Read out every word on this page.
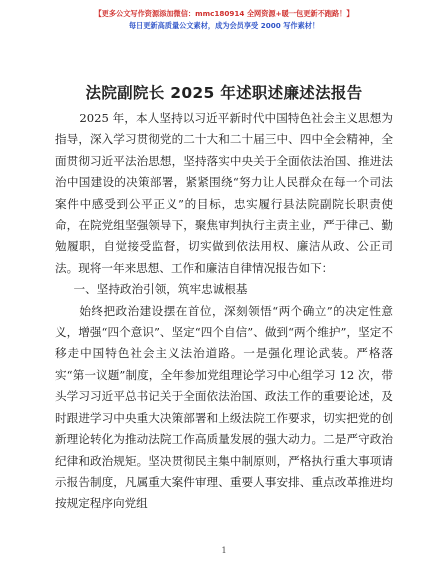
【更多公文写作资源添加微信：mmc180914 全网资源+暖一包更新不跑路！】
每日更新高质量公文素材，成为会员享受 2000 写作素材！
法院副院长 2025 年述职述廉述法报告

2025 年，本人坚持以习近平新时代中国特色社会主义思想为指导，深入学习贯彻党的二十大和二十届三中、四中全会精神，全面贯彻习近平法治思想，坚持落实中央关于全面依法治国、推进法治中国建设的决策部署，紧紧围绕“努力让人民群众在每一个司法案件中感受到公平正义”的目标，忠实履行县法院副院长职责使命，在院党组坚强领导下，聚焦审判执行主责主业，严于律己、勤勉履职，自觉接受监督，切实做到依法用权、廉洁从政、公正司法。现将一年来思想、工作和廉洁自律情况报告如下：

一、坚持政治引领，筑牢忠诚根基

始终把政治建设摆在首位，深刻领悟“两个确立”的决定性意义，增强“四个意识”、坚定“四个自信”、做到“两个维护”，坚定不移走中国特色社会主义法治道路。一是强化理论武装。严格落实“第一议题”制度，全年参加党组理论学习中心组学习 12 次，带头学习习近平总书记关于全面依法治国、政法工作的重要论述，及时跟进学习中央重大决策部署和上级法院工作要求，切实把党的创新理论转化为推动法院工作高质量发展的强大动力。二是严守政治纪律和政治规矩。坚决贯彻民主集中制原则，严格执行重大事项请示报告制度，凡属重大案件审理、重要人事安排、重点改革推进均按规定程序向党组

1
